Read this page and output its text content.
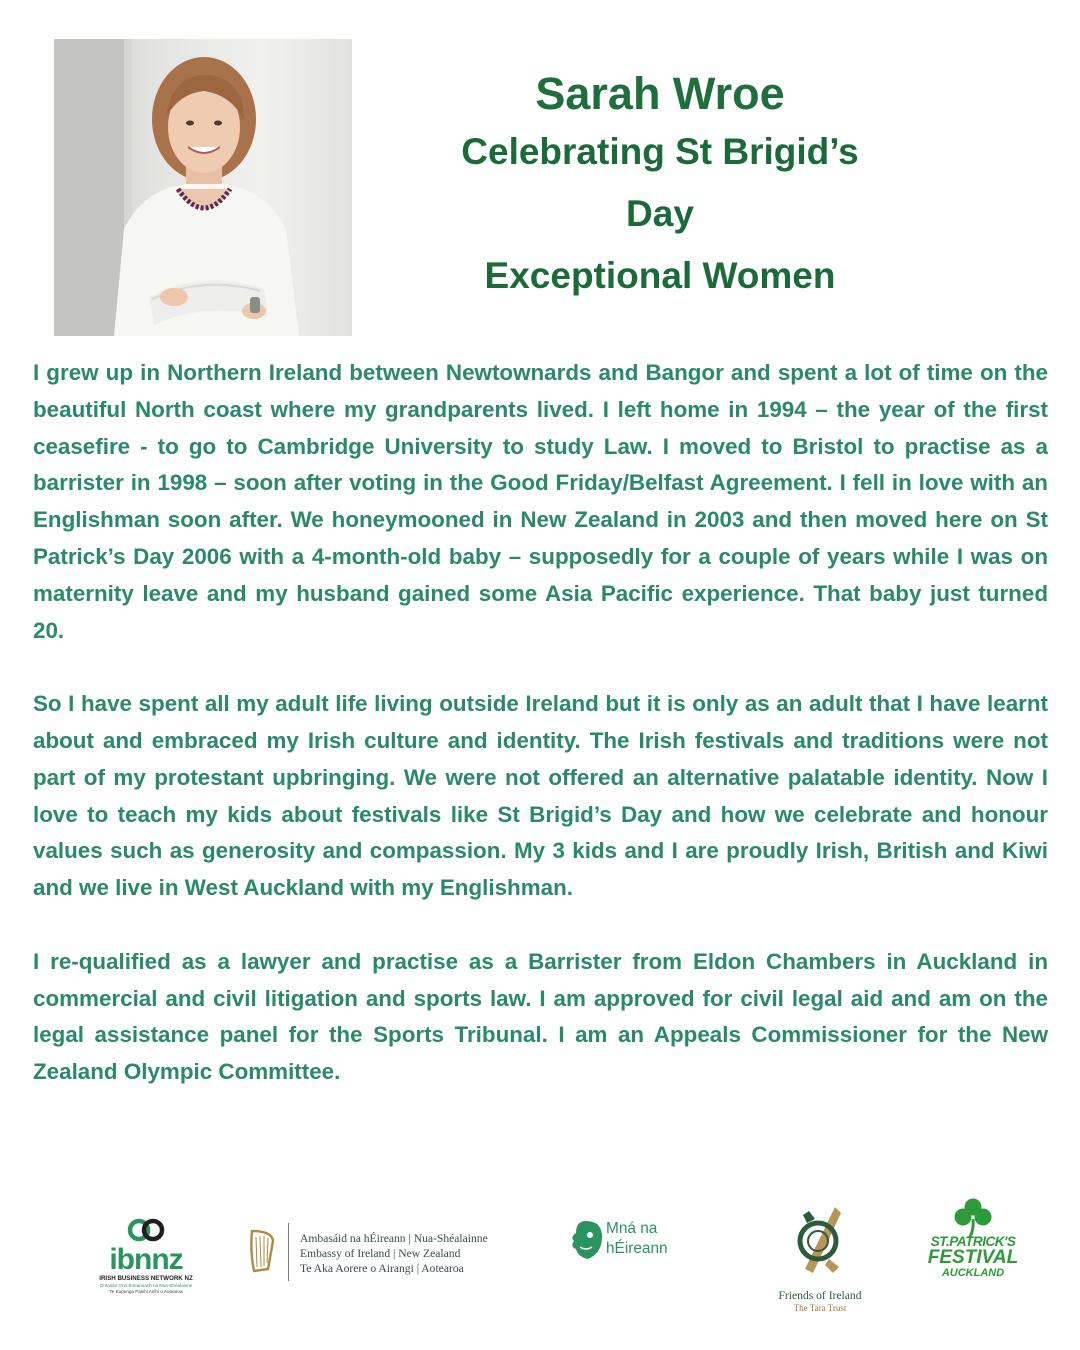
Sarah Wroe
Celebrating St Brigid’s
Day
Exceptional Women

I grew up in Northern Ireland between Newtownards and Bangor and spent a lot of time on the beautiful North coast where my grandparents lived. I left home in 1994 – the year of the first ceasefire - to go to Cambridge University to study Law. I moved to Bristol to practise as a barrister in 1998 – soon after voting in the Good Friday/Belfast Agreement. I fell in love with an Englishman soon after. We honeymooned in New Zealand in 2003 and then moved here on St Patrick’s Day 2006 with a 4-month-old baby – supposedly for a couple of years while I was on maternity leave and my husband gained some Asia Pacific experience. That baby just turned 20.

So I have spent all my adult life living outside Ireland but it is only as an adult that I have learnt about and embraced my Irish culture and identity. The Irish festivals and traditions were not part of my protestant upbringing. We were not offered an alternative palatable identity. Now I love to teach my kids about festivals like St Brigid’s Day and how we celebrate and honour values such as generosity and compassion. My 3 kids and I are proudly Irish, British and Kiwi and we live in West Auckland with my Englishman.

I re-qualified as a lawyer and practise as a Barrister from Eldon Chambers in Auckland in commercial and civil litigation and sports law. I am approved for civil legal aid and am on the legal assistance panel for the Sports Tribunal. I am an Appeals Commissioner for the New Zealand Olympic Committee.

ibnnz
IRISH BUSINESS NETWORK NZ
Gréasán Gnó Éireannach na Nua-Shéalainne
Te Kupenga Pakihi Airihi o Aotearoa
Ambasáid na hÉireann | Nua-Shéalainne
Embassy of Ireland | New Zealand
Te Aka Aorere o Airangi | Aotearoa
Mná na
hÉireann
Friends of Ireland
The Tara Trust
ST.PATRICK'S
FESTIVAL
AUCKLAND
